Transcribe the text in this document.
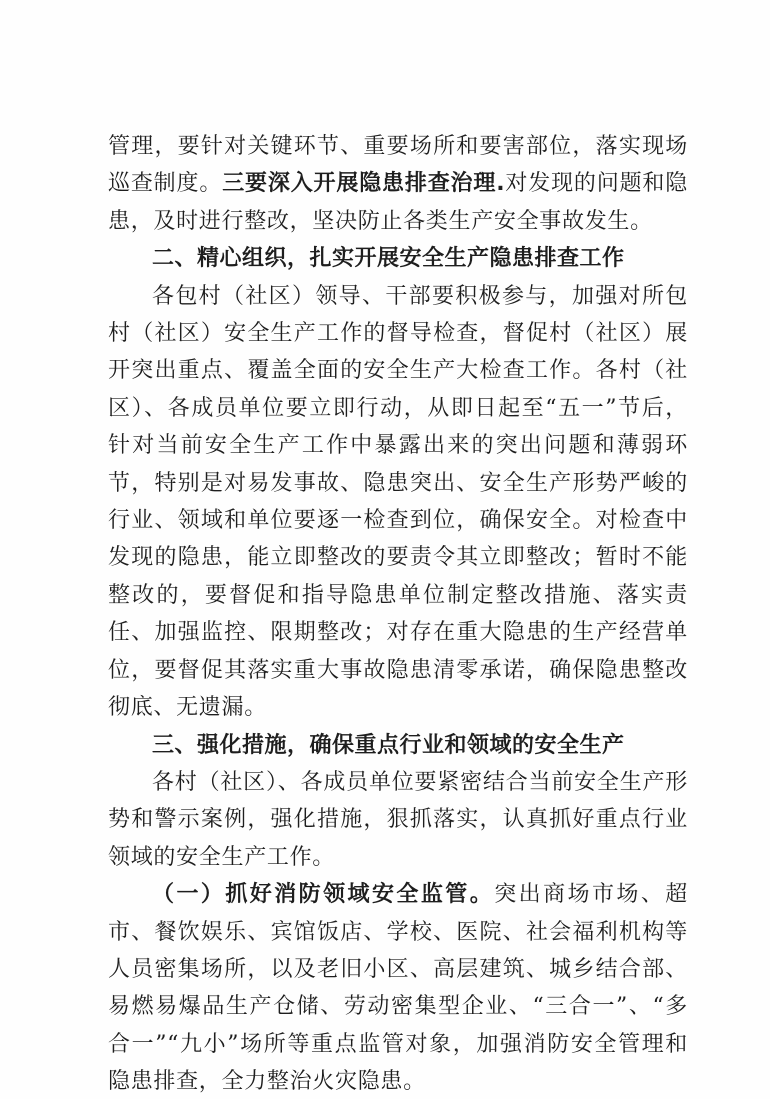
管理，要针对关键环节、重要场所和要害部位，落实现场巡查制度。三要深入开展隐患排查治理.对发现的问题和隐患，及时进行整改，坚决防止各类生产安全事故发生。

二、精心组织，扎实开展安全生产隐患排查工作

各包村（社区）领导、干部要积极参与，加强对所包村（社区）安全生产工作的督导检查，督促村（社区）展开突出重点、覆盖全面的安全生产大检查工作。各村（社区）、各成员单位要立即行动，从即日起至“五一”节后，针对当前安全生产工作中暴露出来的突出问题和薄弱环节，特别是对易发事故、隐患突出、安全生产形势严峻的行业、领域和单位要逐一检查到位，确保安全。对检查中发现的隐患，能立即整改的要责令其立即整改；暂时不能整改的，要督促和指导隐患单位制定整改措施、落实责任、加强监控、限期整改；对存在重大隐患的生产经营单位，要督促其落实重大事故隐患清零承诺，确保隐患整改彻底、无遗漏。

三、强化措施，确保重点行业和领域的安全生产

各村（社区）、各成员单位要紧密结合当前安全生产形势和警示案例，强化措施，狠抓落实，认真抓好重点行业领域的安全生产工作。

（一）抓好消防领域安全监管。突出商场市场、超市、餐饮娱乐、宾馆饭店、学校、医院、社会福利机构等人员密集场所，以及老旧小区、高层建筑、城乡结合部、易燃易爆品生产仓储、劳动密集型企业、“三合一”、“多合一”“九小”场所等重点监管对象，加强消防安全管理和隐患排查，全力整治火灾隐患。
